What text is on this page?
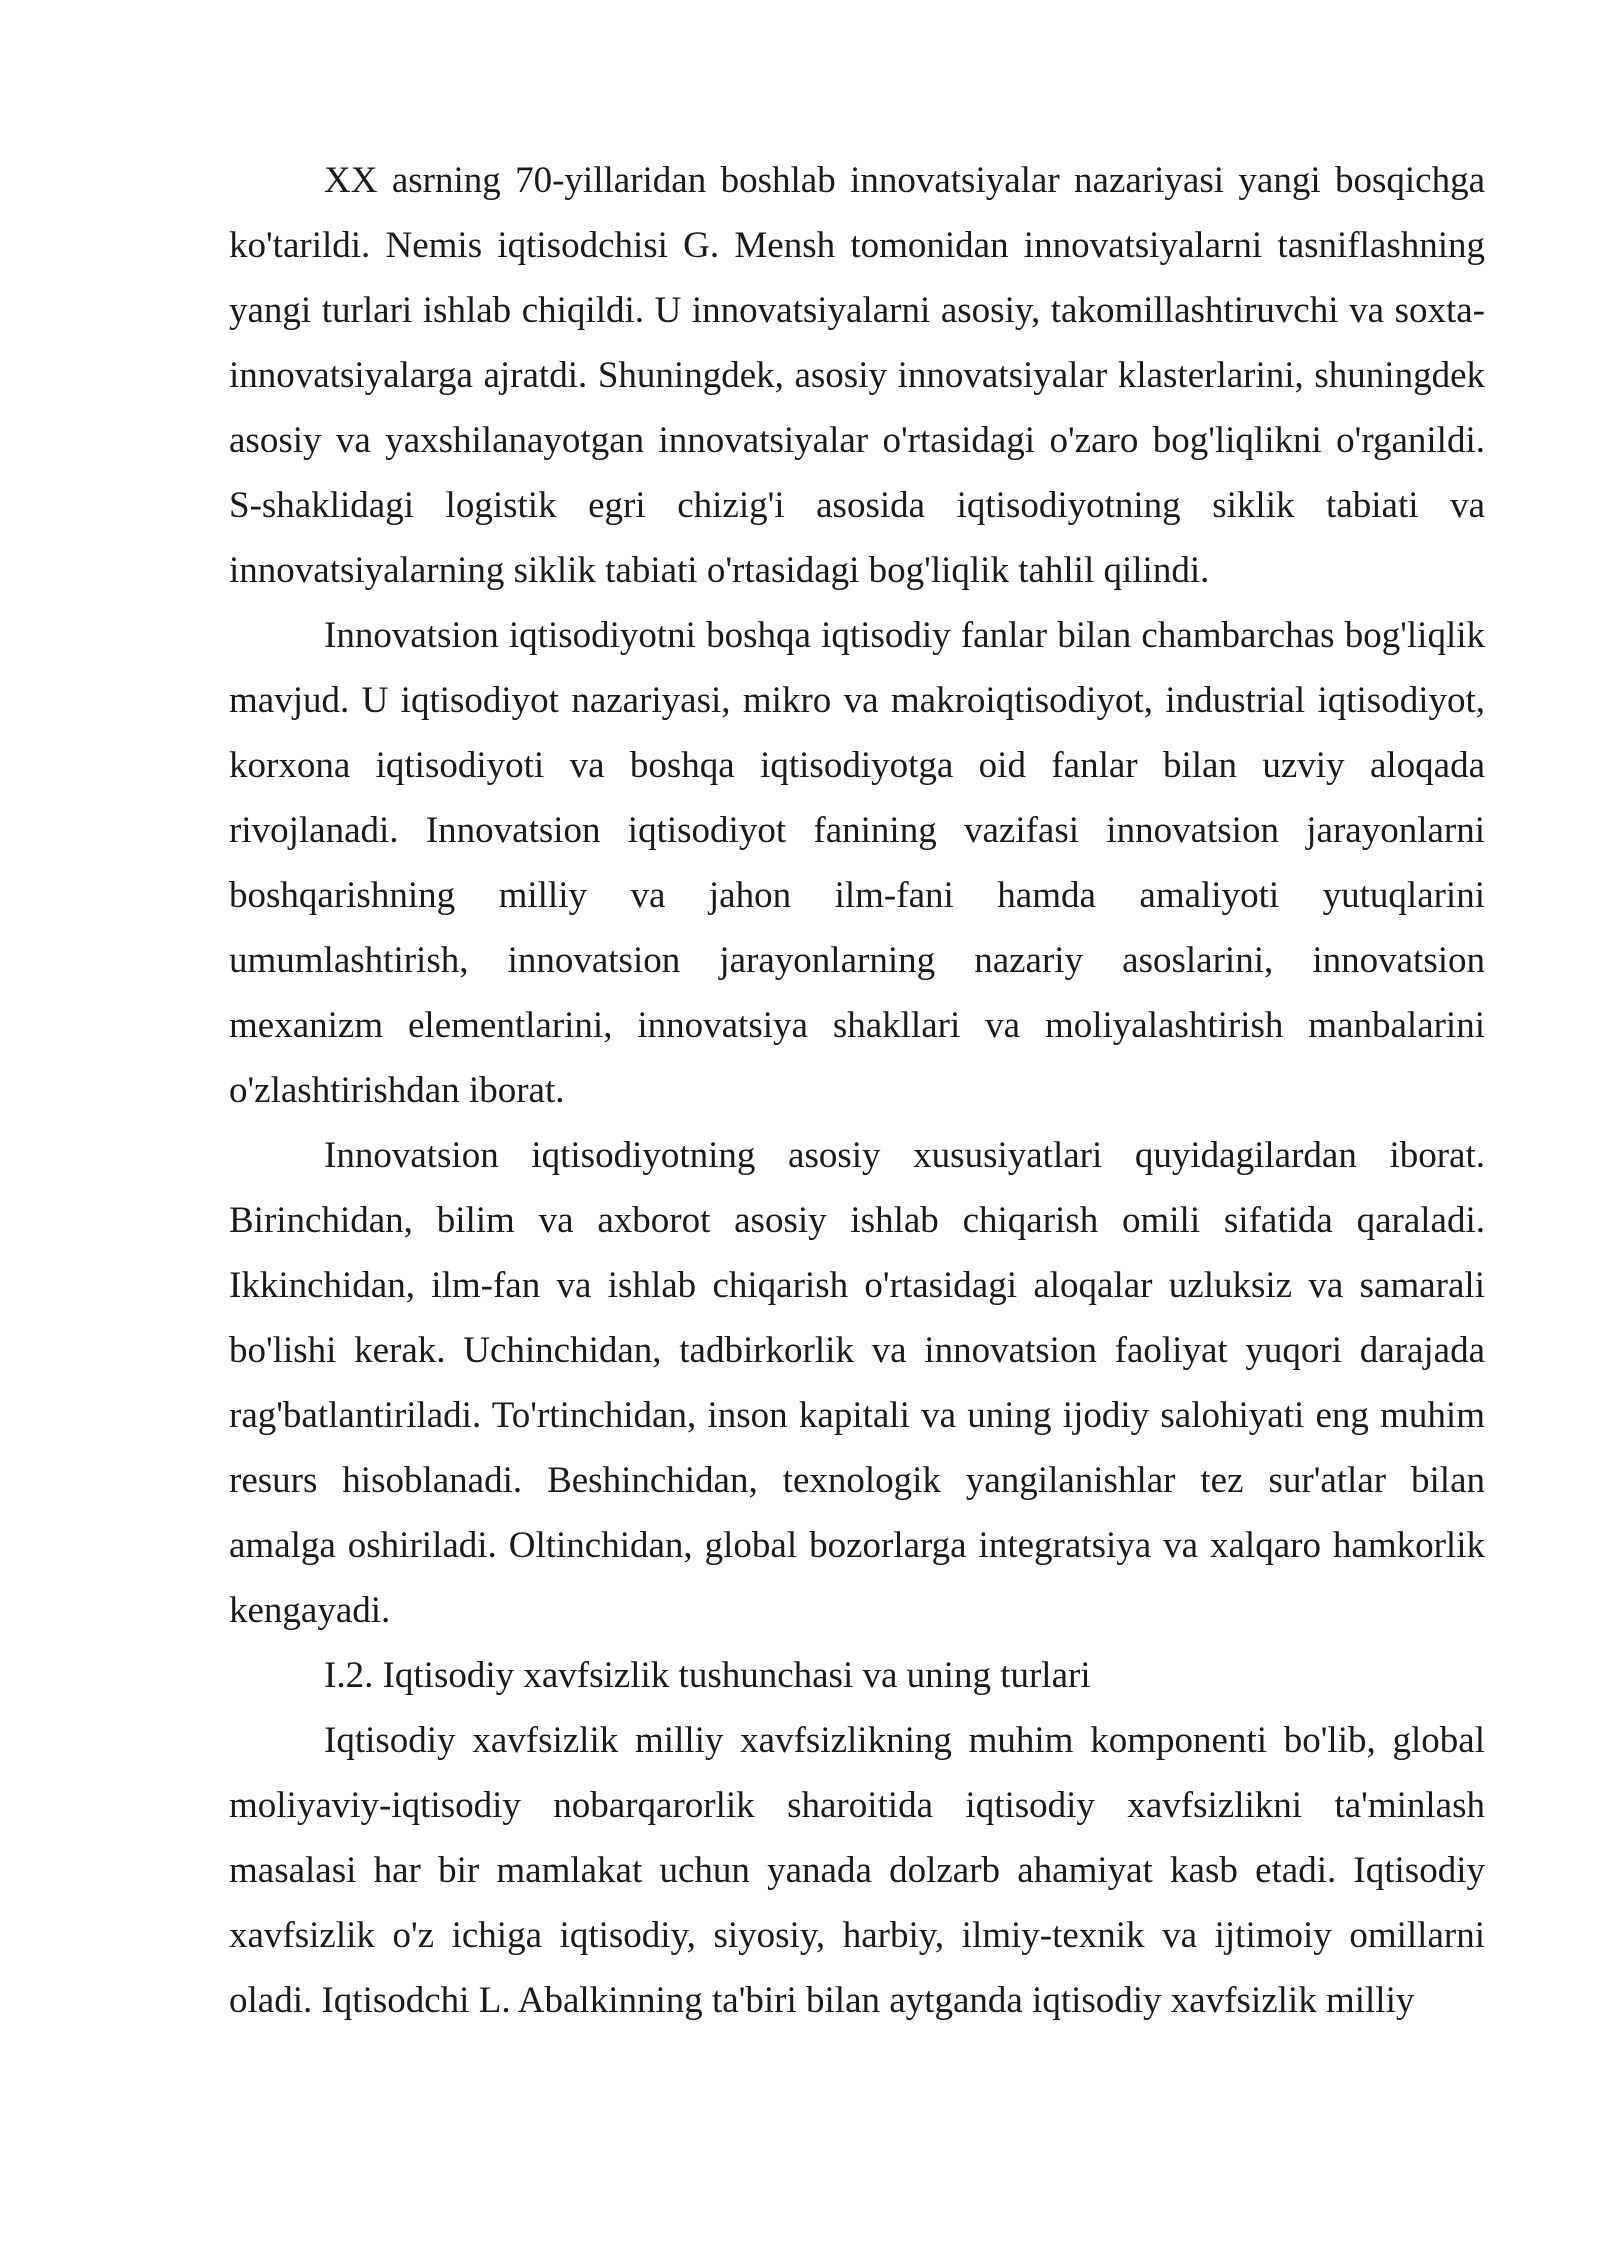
XX asrning 70-yillaridan boshlab innovatsiyalar nazariyasi yangi bosqichga ko'tarildi. Nemis iqtisodchisi G. Mensh tomonidan innovatsiyalarni tasniflashning yangi turlari ishlab chiqildi. U innovatsiyalarni asosiy, takomillashtiruvchi va soxta-innovatsiyalarga ajratdi. Shuningdek, asosiy innovatsiyalar klasterlarini, shuningdek asosiy va yaxshilanayotgan innovatsiyalar o'rtasidagi o'zaro bog'liqlikni o'rganildi. S-shaklidagi logistik egri chizig'i asosida iqtisodiyotning siklik tabiati va innovatsiyalarning siklik tabiati o'rtasidagi bog'liqlik tahlil qilindi.

Innovatsion iqtisodiyotni boshqa iqtisodiy fanlar bilan chambarchas bog'liqlik mavjud. U iqtisodiyot nazariyasi, mikro va makroiqtisodiyot, industrial iqtisodiyot, korxona iqtisodiyoti va boshqa iqtisodiyotga oid fanlar bilan uzviy aloqada rivojlanadi. Innovatsion iqtisodiyot fanining vazifasi innovatsion jarayonlarni boshqarishning milliy va jahon ilm-fani hamda amaliyoti yutuqlarini umumlashtirish, innovatsion jarayonlarning nazariy asoslarini, innovatsion mexanizm elementlarini, innovatsiya shakllari va moliyalashtirish manbalarini o'zlashtirishdan iborat.

Innovatsion iqtisodiyotning asosiy xususiyatlari quyidagilardan iborat. Birinchidan, bilim va axborot asosiy ishlab chiqarish omili sifatida qaraladi. Ikkinchidan, ilm-fan va ishlab chiqarish o'rtasidagi aloqalar uzluksiz va samarali bo'lishi kerak. Uchinchidan, tadbirkorlik va innovatsion faoliyat yuqori darajada rag'batlantiriladi. To'rtinchidan, inson kapitali va uning ijodiy salohiyati eng muhim resurs hisoblanadi. Beshinchidan, texnologik yangilanishlar tez sur'atlar bilan amalga oshiriladi. Oltinchidan, global bozorlarga integratsiya va xalqaro hamkorlik kengayadi.

I.2. Iqtisodiy xavfsizlik tushunchasi va uning turlari

Iqtisodiy xavfsizlik milliy xavfsizlikning muhim komponenti bo'lib, global moliyaviy-iqtisodiy nobarqarorlik sharoitida iqtisodiy xavfsizlikni ta'minlash masalasi har bir mamlakat uchun yanada dolzarb ahamiyat kasb etadi. Iqtisodiy xavfsizlik o'z ichiga iqtisodiy, siyosiy, harbiy, ilmiy-texnik va ijtimoiy omillarni oladi. Iqtisodchi L. Abalkinning ta'biri bilan aytganda iqtisodiy xavfsizlik milliy
